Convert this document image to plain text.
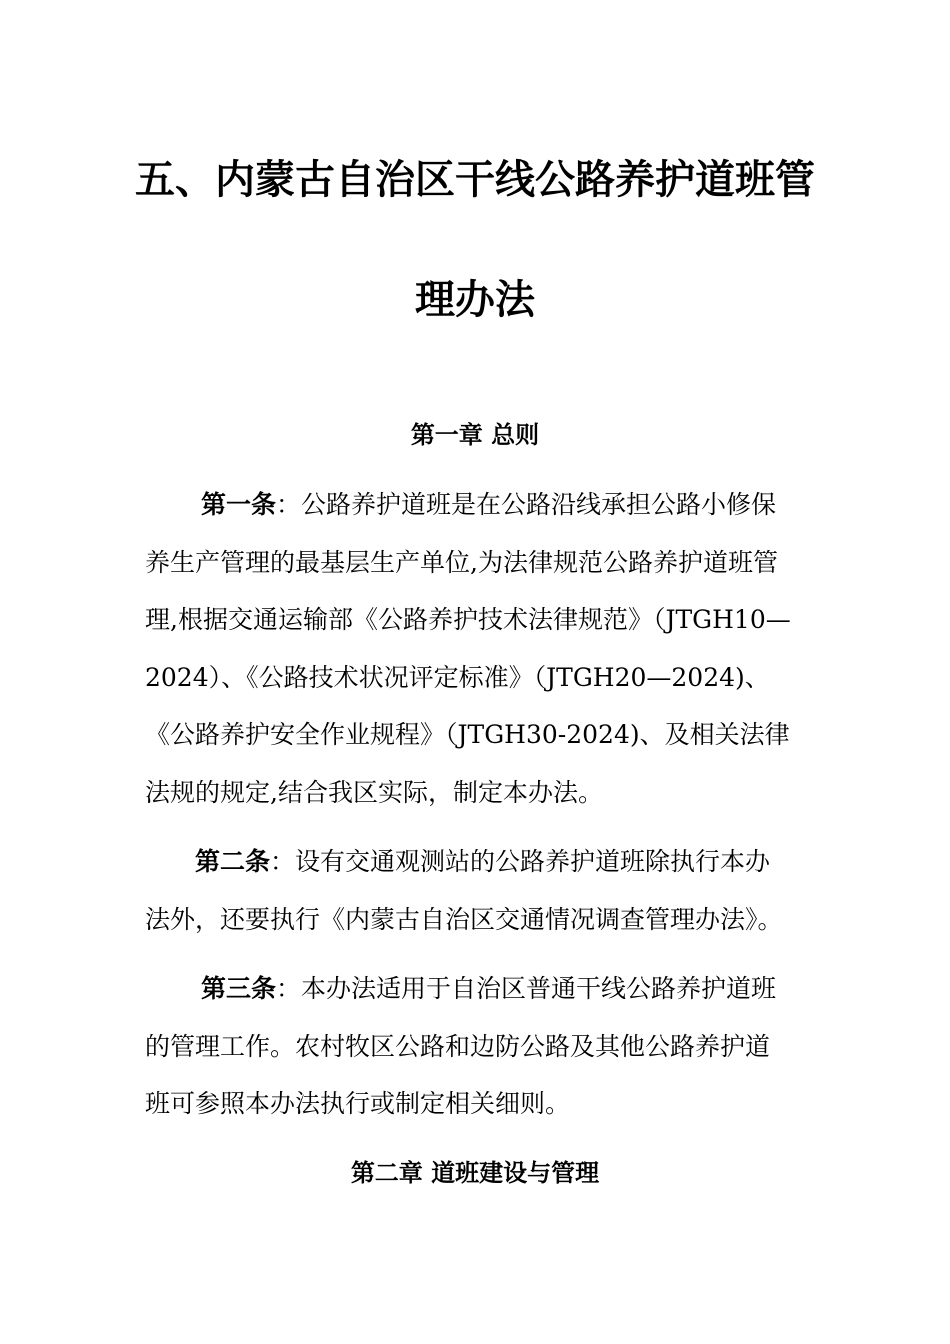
五、内蒙古自治区干线公路养护道班管
理办法
第一章 总则

第一条：公路养护道班是在公路沿线承担公路小修保
养生产管理的最基层生产单位,为法律规范公路养护道班管
理,根据交通运输部《公路养护技术法律规范》（JTGH10—
2024）、《公路技术状况评定标准》（JTGH20—2024)、
《公路养护安全作业规程》（JTGH30-2024)、及相关法律
法规的规定,结合我区实际，制定本办法。

第二条：设有交通观测站的公路养护道班除执行本办
法外，还要执行《内蒙古自治区交通情况调查管理办法》。

第三条：本办法适用于自治区普通干线公路养护道班
的管理工作。农村牧区公路和边防公路及其他公路养护道
班可参照本办法执行或制定相关细则。

第二章 道班建设与管理
